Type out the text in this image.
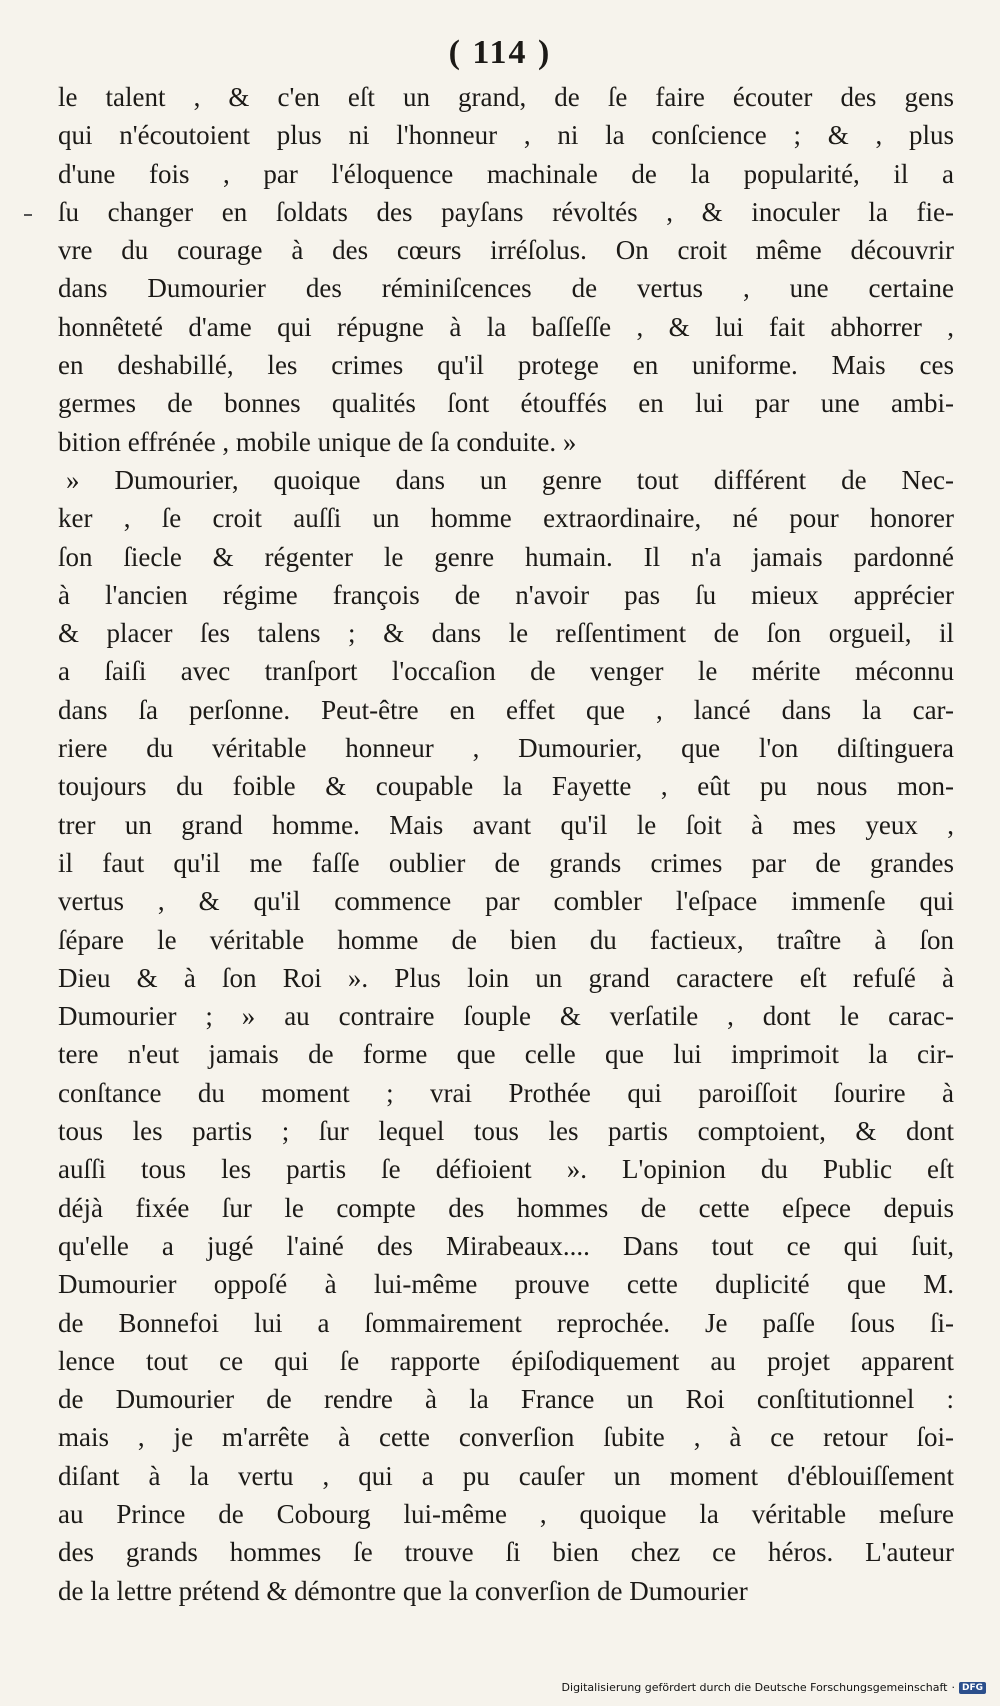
( 114 )
le talent , & c'en eſt un grand, de ſe faire écouter des gens
qui n'écoutoient plus ni l'honneur , ni la conſcience ; & , plus
d'une fois , par l'éloquence machinale de la popularité, il a
ſu changer en ſoldats des payſans révoltés , & inoculer la fie-
vre du courage à des cœurs irréſolus. On croit même découvrir
dans Dumourier des réminiſcences de vertus , une certaine
honnêteté d'ame qui répugne à la baſſeſſe , & lui fait abhorrer ,
en deshabillé, les crimes qu'il protege en uniforme. Mais ces
germes de bonnes qualités ſont étouffés en lui par une ambi-
bition effrénée , mobile unique de ſa conduite. »
» Dumourier, quoique dans un genre tout différent de Nec-
ker , ſe croit auſſi un homme extraordinaire, né pour honorer
ſon ſiecle & régenter le genre humain. Il n'a jamais pardonné
à l'ancien régime françois de n'avoir pas ſu mieux apprécier
& placer ſes talens ; & dans le reſſentiment de ſon orgueil, il
a ſaiſi avec tranſport l'occaſion de venger le mérite méconnu
dans ſa perſonne. Peut-être en effet que , lancé dans la car-
riere du véritable honneur , Dumourier, que l'on diſtinguera
toujours du foible & coupable la Fayette , eût pu nous mon-
trer un grand homme. Mais avant qu'il le ſoit à mes yeux ,
il faut qu'il me faſſe oublier de grands crimes par de grandes
vertus , & qu'il commence par combler l'eſpace immenſe qui
ſépare le véritable homme de bien du factieux, traître à ſon
Dieu & à ſon Roi ». Plus loin un grand caractere eſt refuſé à
Dumourier ; » au contraire ſouple & verſatile , dont le carac-
tere n'eut jamais de forme que celle que lui imprimoit la cir-
conſtance du moment ; vrai Prothée qui paroiſſoit ſourire à
tous les partis ; ſur lequel tous les partis comptoient, & dont
auſſi tous les partis ſe défioient ». L'opinion du Public eſt
déjà fixée ſur le compte des hommes de cette eſpece depuis
qu'elle a jugé l'ainé des Mirabeaux.... Dans tout ce qui ſuit,
Dumourier oppoſé à lui-même prouve cette duplicité que M.
de Bonnefoi lui a ſommairement reprochée. Je paſſe ſous ſi-
lence tout ce qui ſe rapporte épiſodiquement au projet apparent
de Dumourier de rendre à la France un Roi conſtitutionnel :
mais , je m'arrête à cette converſion ſubite , à ce retour ſoi-
diſant à la vertu , qui a pu cauſer un moment d'éblouiſſement
au Prince de Cobourg lui-même , quoique la véritable meſure
des grands hommes ſe trouve ſi bien chez ce héros. L'auteur
de la lettre prétend & démontre que la converſion de Dumourier
Digitalisierung gefördert durch die Deutsche Forschungsgemeinschaft · DFG
